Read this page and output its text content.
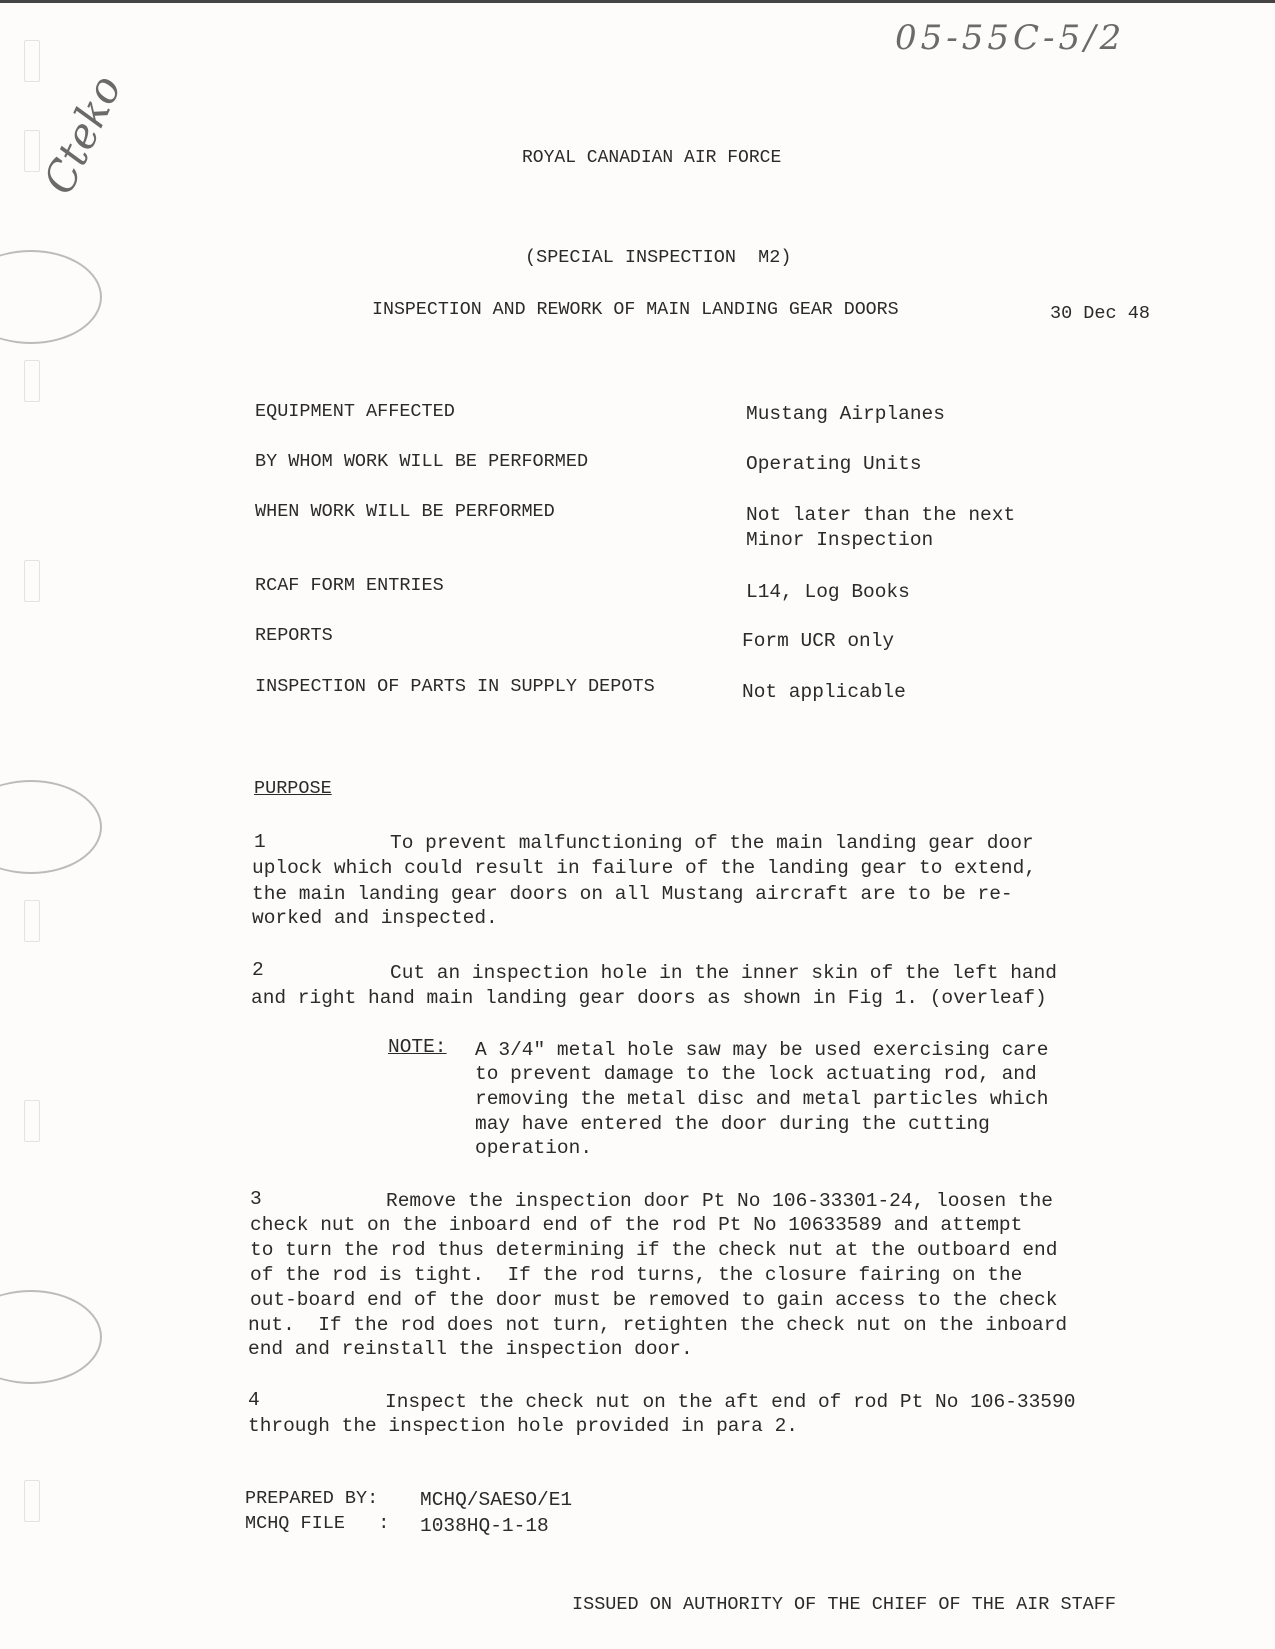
05-55C-5/2
Cteko	ROYAL CANADIAN AIR FORCE
(SPECIAL INSPECTION  M2)
INSPECTION AND REWORK OF MAIN LANDING GEAR DOORS	30 Dec 48
EQUIPMENT AFFECTED	Mustang Airplanes
BY WHOM WORK WILL BE PERFORMED	Operating Units
WHEN WORK WILL BE PERFORMED	Not later than the next
Minor Inspection
RCAF FORM ENTRIES	L14, Log Books
REPORTS	Form UCR only
INSPECTION OF PARTS IN SUPPLY DEPOTS	Not applicable
PURPOSE
1	To prevent malfunctioning of the main landing gear door
uplock which could result in failure of the landing gear to extend,
the main landing gear doors on all Mustang aircraft are to be re-
worked and inspected.
2	Cut an inspection hole in the inner skin of the left hand
and right hand main landing gear doors as shown in Fig 1. (overleaf)
NOTE: A 3/4" metal hole saw may be used exercising care
to prevent damage to the lock actuating rod, and
removing the metal disc and metal particles which
may have entered the door during the cutting
operation.
3	Remove the inspection door Pt No 106-33301-24, loosen the
check nut on the inboard end of the rod Pt No 10633589 and attempt
to turn the rod thus determining if the check nut at the outboard end
of the rod is tight.  If the rod turns, the closure fairing on the
out-board end of the door must be removed to gain access to the check
nut.  If the rod does not turn, retighten the check nut on the inboard
end and reinstall the inspection door.
4	Inspect the check nut on the aft end of rod Pt No 106-33590
through the inspection hole provided in para 2.
PREPARED BY: MCHQ/SAESO/E1
MCHQ FILE   : 1038HQ-1-18
ISSUED ON AUTHORITY OF THE CHIEF OF THE AIR STAFF
